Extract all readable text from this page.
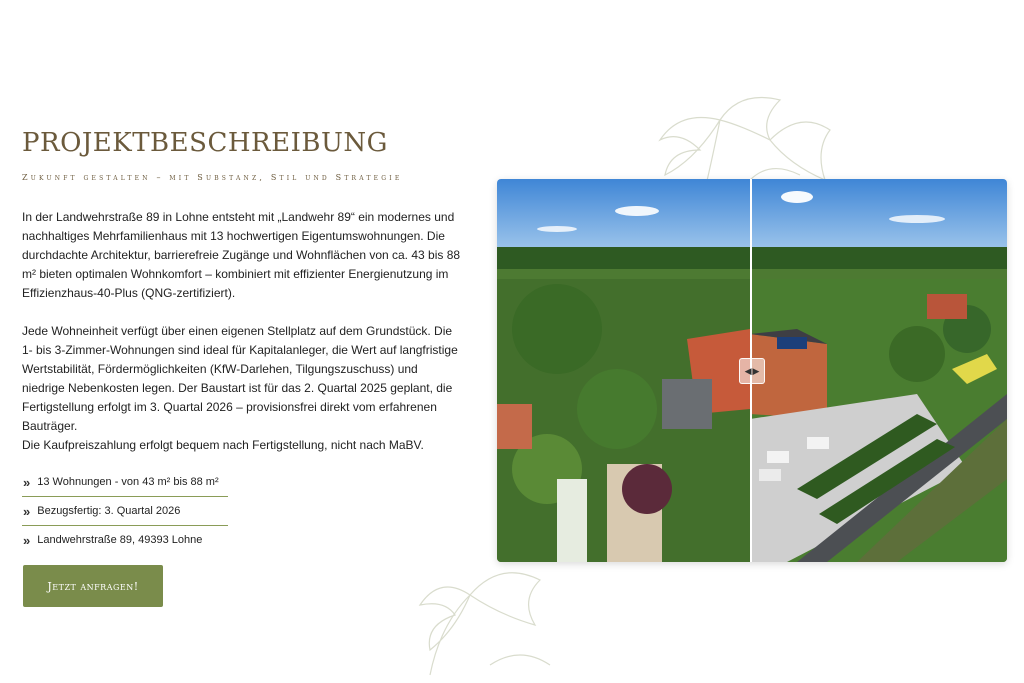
PROJEKTBESCHREIBUNG
Zukunft gestalten – mit Substanz, Stil und Strategie
In der Landwehrstraße 89 in Lohne entsteht mit „Landwehr 89“ ein modernes und nachhaltiges Mehrfamilienhaus mit 13 hochwertigen Eigentumswohnungen. Die durchdachte Architektur, barrierefreie Zugänge und Wohnflächen von ca. 43 bis 88 m² bieten optimalen Wohnkomfort – kombiniert mit effizienter Energienutzung im Effizienzhaus-40-Plus (QNG-zertifiziert).
Jede Wohneinheit verfügt über einen eigenen Stellplatz auf dem Grundstück. Die 1- bis 3-Zimmer-Wohnungen sind ideal für Kapitalanleger, die Wert auf langfristige Wertstabilität, Fördermöglichkeiten (KfW-Darlehen, Tilgungszuschuss) und niedrige Nebenkosten legen. Der Baustart ist für das 2. Quartal 2025 geplant, die Fertigstellung erfolgt im 3. Quartal 2026 – provisionsfrei direkt vom erfahrenen Bauträger.
Die Kaufpreiszahlung erfolgt bequem nach Fertigstellung, nicht nach MaBV.
» 13 Wohnungen - von 43 m² bis 88 m²
» Bezugsfertig: 3. Quartal 2026
» Landwehrstraße 89, 49393 Lohne
Jetzt anfragen!
◀ ▶
